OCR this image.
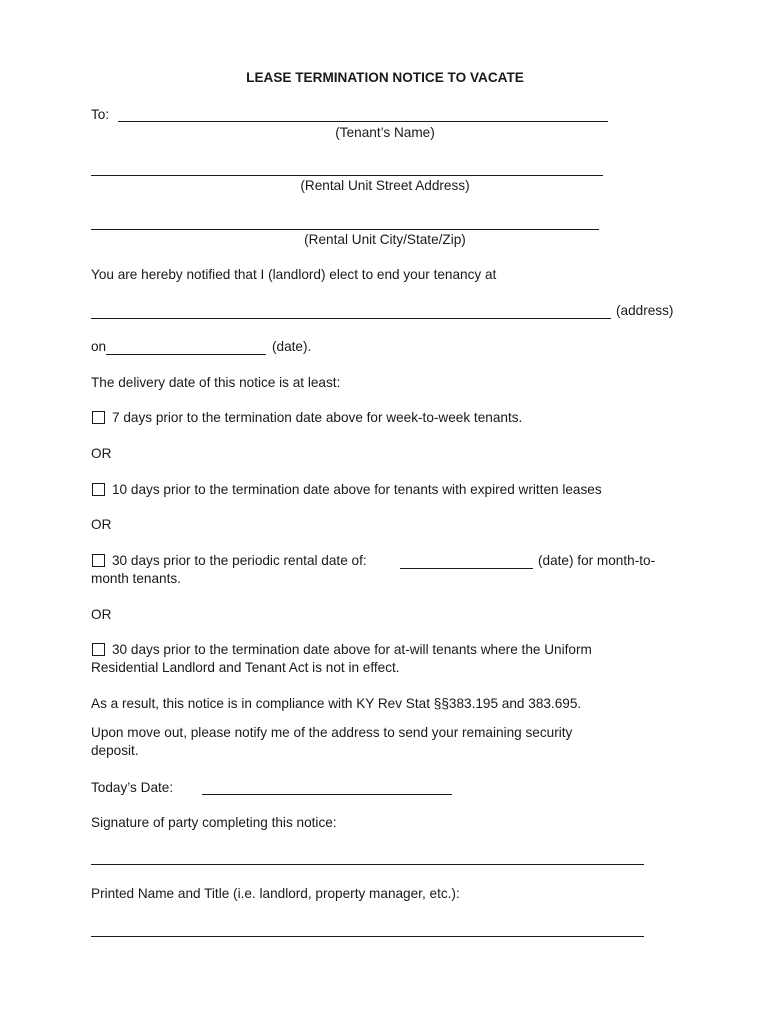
LEASE TERMINATION NOTICE TO VACATE
To:
(Tenant’s Name)
(Rental Unit Street Address)
(Rental Unit City/State/Zip)
You are hereby notified that I (landlord) elect to end your tenancy at
(address)
on	(date).
The delivery date of this notice is at least:
7 days prior to the termination date above for week-to-week tenants.
OR
10 days prior to the termination date above for tenants with expired written leases
OR
30 days prior to the periodic rental date of:	(date) for month-to-
month tenants.
OR
30 days prior to the termination date above for at-will tenants where the Uniform
Residential Landlord and Tenant Act is not in effect.
As a result, this notice is in compliance with KY Rev Stat §§383.195 and 383.695.
Upon move out, please notify me of the address to send your remaining security
deposit.
Today’s Date:
Signature of party completing this notice:
Printed Name and Title (i.e. landlord, property manager, etc.):
